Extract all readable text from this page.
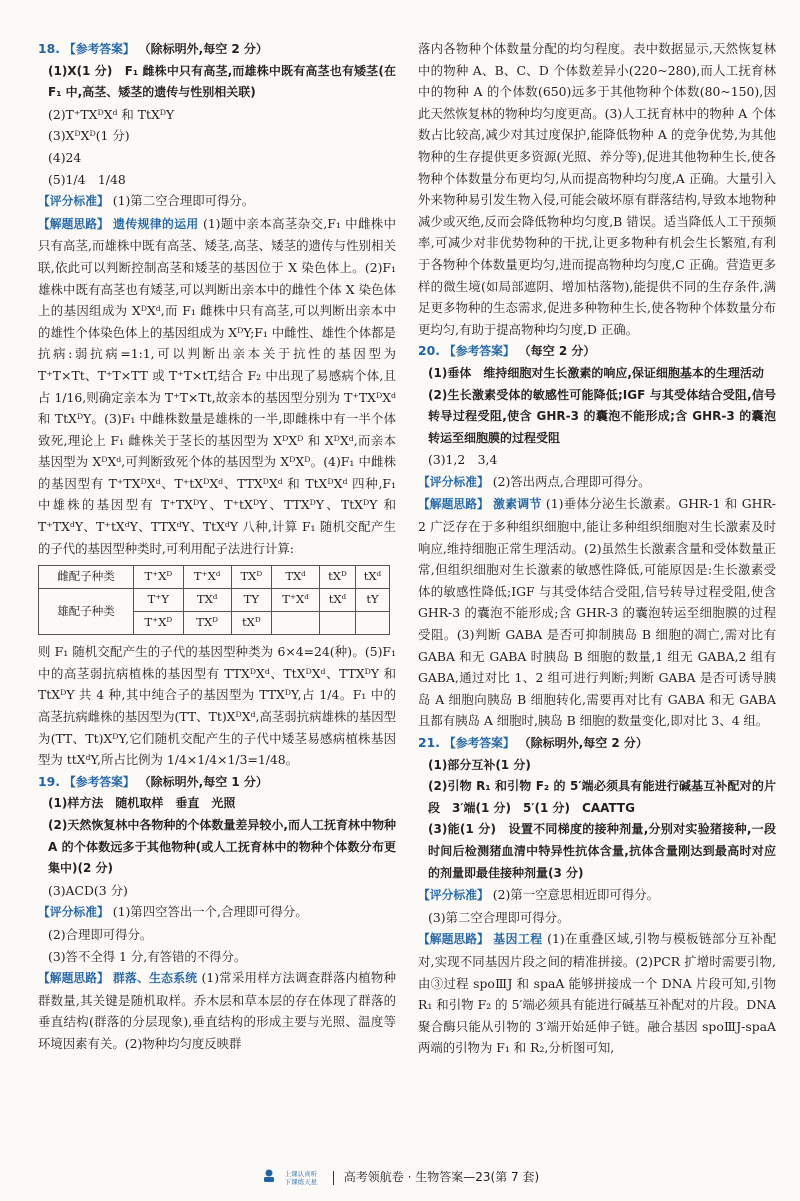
18. 【参考答案】 （除标明外,每空 2 分）

(1)X(1 分)　F₁ 雌株中只有高茎,而雄株中既有高茎也有矮茎(在 F₁ 中,高茎、矮茎的遗传与性别相关联)

(2)T⁺TXᴰXᵈ 和 TtXᴰY

(3)XᴰXᴰ(1 分)

(4)24

(5)1/4　1/48

【评分标准】 (1)第二空合理即可得分。

【解题思路】 遗传规律的运用 (1)题中亲本高茎杂交,F₁ 中雌株中只有高茎,而雄株中既有高茎、矮茎,高茎、矮茎的遗传与性别相关联,依此可以判断控制高茎和矮茎的基因位于 X 染色体上。(2)F₁ 雄株中既有高茎也有矮茎,可以判断出亲本中的雌性个体 X 染色体上的基因组成为 XᴰXᵈ,而 F₁ 雌株中只有高茎,可以判断出亲本中的雄性个体染色体上的基因组成为 XᴰY;F₁ 中雌性、雄性个体都是抗病:弱抗病=1:1,可以判断出亲本关于抗性的基因型为 T⁺T×Tt、T⁺T×TT 或 T⁺T×tT,结合 F₂ 中出现了易感病个体,且占 1/16,则确定亲本为 T⁺T×Tt,故亲本的基因型分别为 T⁺TXᴰXᵈ 和 TtXᴰY。(3)F₁ 中雌株数量是雄株的一半,即雌株中有一半个体致死,理论上 F₁ 雌株关于茎长的基因型为 XᴰXᴰ 和 XᴰXᵈ,而亲本基因型为 XᴰXᵈ,可判断致死个体的基因型为 XᴰXᴰ。(4)F₁ 中雌株的基因型有 T⁺TXᴰXᵈ、T⁺tXᴰXᵈ、TTXᴰXᵈ 和 TtXᴰXᵈ 四种,F₁ 中雄株的基因型有 T⁺TXᴰY、T⁺tXᴰY、TTXᴰY、TtXᴰY 和 T⁺TXᵈY、T⁺tXᵈY、TTXᵈY、TtXᵈY 八种,计算 F₁ 随机交配产生的子代的基因型种类时,可利用配子法进行计算:

雌配子种类	T⁺Xᴰ	T⁺Xᵈ	TXᴰ	TXᵈ	tXᴰ	tXᵈ
雄配子种类	T⁺Y	TXᵈ	TY	T⁺Xᵈ	tXᵈ	tY
	T⁺Xᴰ	TXᴰ	tXᴰ			

则 F₁ 随机交配产生的子代的基因型种类为 6×4=24(种)。(5)F₁ 中的高茎弱抗病植株的基因型有 TTXᴰXᵈ、TtXᴰXᵈ、TTXᴰY 和 TtXᴰY 共 4 种,其中纯合子的基因型为 TTXᴰY,占 1/4。F₁ 中的高茎抗病雌株的基因型为(TT、Tt)XᴰXᵈ,高茎弱抗病雄株的基因型为(TT、Tt)XᴰY,它们随机交配产生的子代中矮茎易感病植株基因型为 ttXᵈY,所占比例为 1/4×1/4×1/3=1/48。

19. 【参考答案】 （除标明外,每空 1 分）

(1)样方法　随机取样　垂直　光照

(2)天然恢复林中各物种的个体数量差异较小,而人工抚育林中物种 A 的个体数远多于其他物种(或人工抚育林中的物种个体数分布更集中)(2 分)

(3)ACD(3 分)

【评分标准】 (1)第四空答出一个,合理即可得分。

(2)合理即可得分。

(3)答不全得 1 分,有答错的不得分。

【解题思路】 群落、生态系统 (1)常采用样方法调查群落内植物种群数量,其关键是随机取样。乔木层和草本层的存在体现了群落的垂直结构(群落的分层现象),垂直结构的形成主要与光照、温度等环境因素有关。(2)物种均匀度反映群

落内各物种个体数量分配的均匀程度。表中数据显示,天然恢复林中的物种 A、B、C、D 个体数差异小(220~280),而人工抚育林中的物种 A 的个体数(650)远多于其他物种个体数(80~150),因此天然恢复林的物种均匀度更高。(3)人工抚育林中的物种 A 个体数占比较高,减少对其过度保护,能降低物种 A 的竞争优势,为其他物种的生存提供更多资源(光照、养分等),促进其他物种生长,使各物种个体数量分布更均匀,从而提高物种均匀度,A 正确。大量引入外来物种易引发生物入侵,可能会破坏原有群落结构,导致本地物种减少或灭绝,反而会降低物种均匀度,B 错误。适当降低人工干预频率,可减少对非优势物种的干扰,让更多物种有机会生长繁殖,有利于各物种个体数量更均匀,进而提高物种均匀度,C 正确。营造更多样的微生境(如局部遮阴、增加枯落物),能提供不同的生存条件,满足更多物种的生态需求,促进多种物种生长,使各物种个体数量分布更均匀,有助于提高物种均匀度,D 正确。

20. 【参考答案】 （每空 2 分）

(1)垂体　维持细胞对生长激素的响应,保证细胞基本的生理活动

(2)生长激素受体的敏感性可能降低;IGF 与其受体结合受阻,信号转导过程受阻,使含 GHR-3 的囊泡不能形成;含 GHR-3 的囊泡转运至细胞膜的过程受阻

(3)1,2　3,4

【评分标准】 (2)答出两点,合理即可得分。

【解题思路】 激素调节 (1)垂体分泌生长激素。GHR-1 和 GHR-2 广泛存在于多种组织细胞中,能让多种组织细胞对生长激素及时响应,维持细胞正常生理活动。(2)虽然生长激素含量和受体数量正常,但组织细胞对生长激素的敏感性降低,可能原因是:生长激素受体的敏感性降低;IGF 与其受体结合受阻,信号转导过程受阻,使含 GHR-3 的囊泡不能形成;含 GHR-3 的囊泡转运至细胞膜的过程受阻。(3)判断 GABA 是否可抑制胰岛 B 细胞的凋亡,需对比有 GABA 和无 GABA 时胰岛 B 细胞的数量,1 组无 GABA,2 组有 GABA,通过对比 1、2 组可进行判断;判断 GABA 是否可诱导胰岛 A 细胞向胰岛 B 细胞转化,需要再对比有 GABA 和无 GABA 且都有胰岛 A 细胞时,胰岛 B 细胞的数量变化,即对比 3、4 组。

21. 【参考答案】 （除标明外,每空 2 分）

(1)部分互补(1 分)

(2)引物 R₁ 和引物 F₂ 的 5′端必须具有能进行碱基互补配对的片段　3′端(1 分)　5′(1 分)　CAATTG

(3)能(1 分)　设置不同梯度的接种剂量,分别对实验猪接种,一段时间后检测猪血清中特异性抗体含量,抗体含量刚达到最高时对应的剂量即最佳接种剂量(3 分)

【评分标准】 (2)第一空意思相近即可得分。

(3)第二空合理即可得分。

【解题思路】 基因工程 (1)在重叠区域,引物与模板链部分互补配对,实现不同基因片段之间的精准拼接。(2)PCR 扩增时需要引物,由③过程 spoⅢJ 和 spaA 能够拼接成一个 DNA 片段可知,引物 R₁ 和引物 F₂ 的 5′端必须具有能进行碱基互补配对的片段。DNA 聚合酶只能从引物的 3′端开始延伸子链。融合基因 spoⅢJ-spaA 两端的引物为 F₁ 和 R₂,分析图可知,

上课认真听
下课练天星 高考领航卷 · 生物答案—23(第 7 套)
